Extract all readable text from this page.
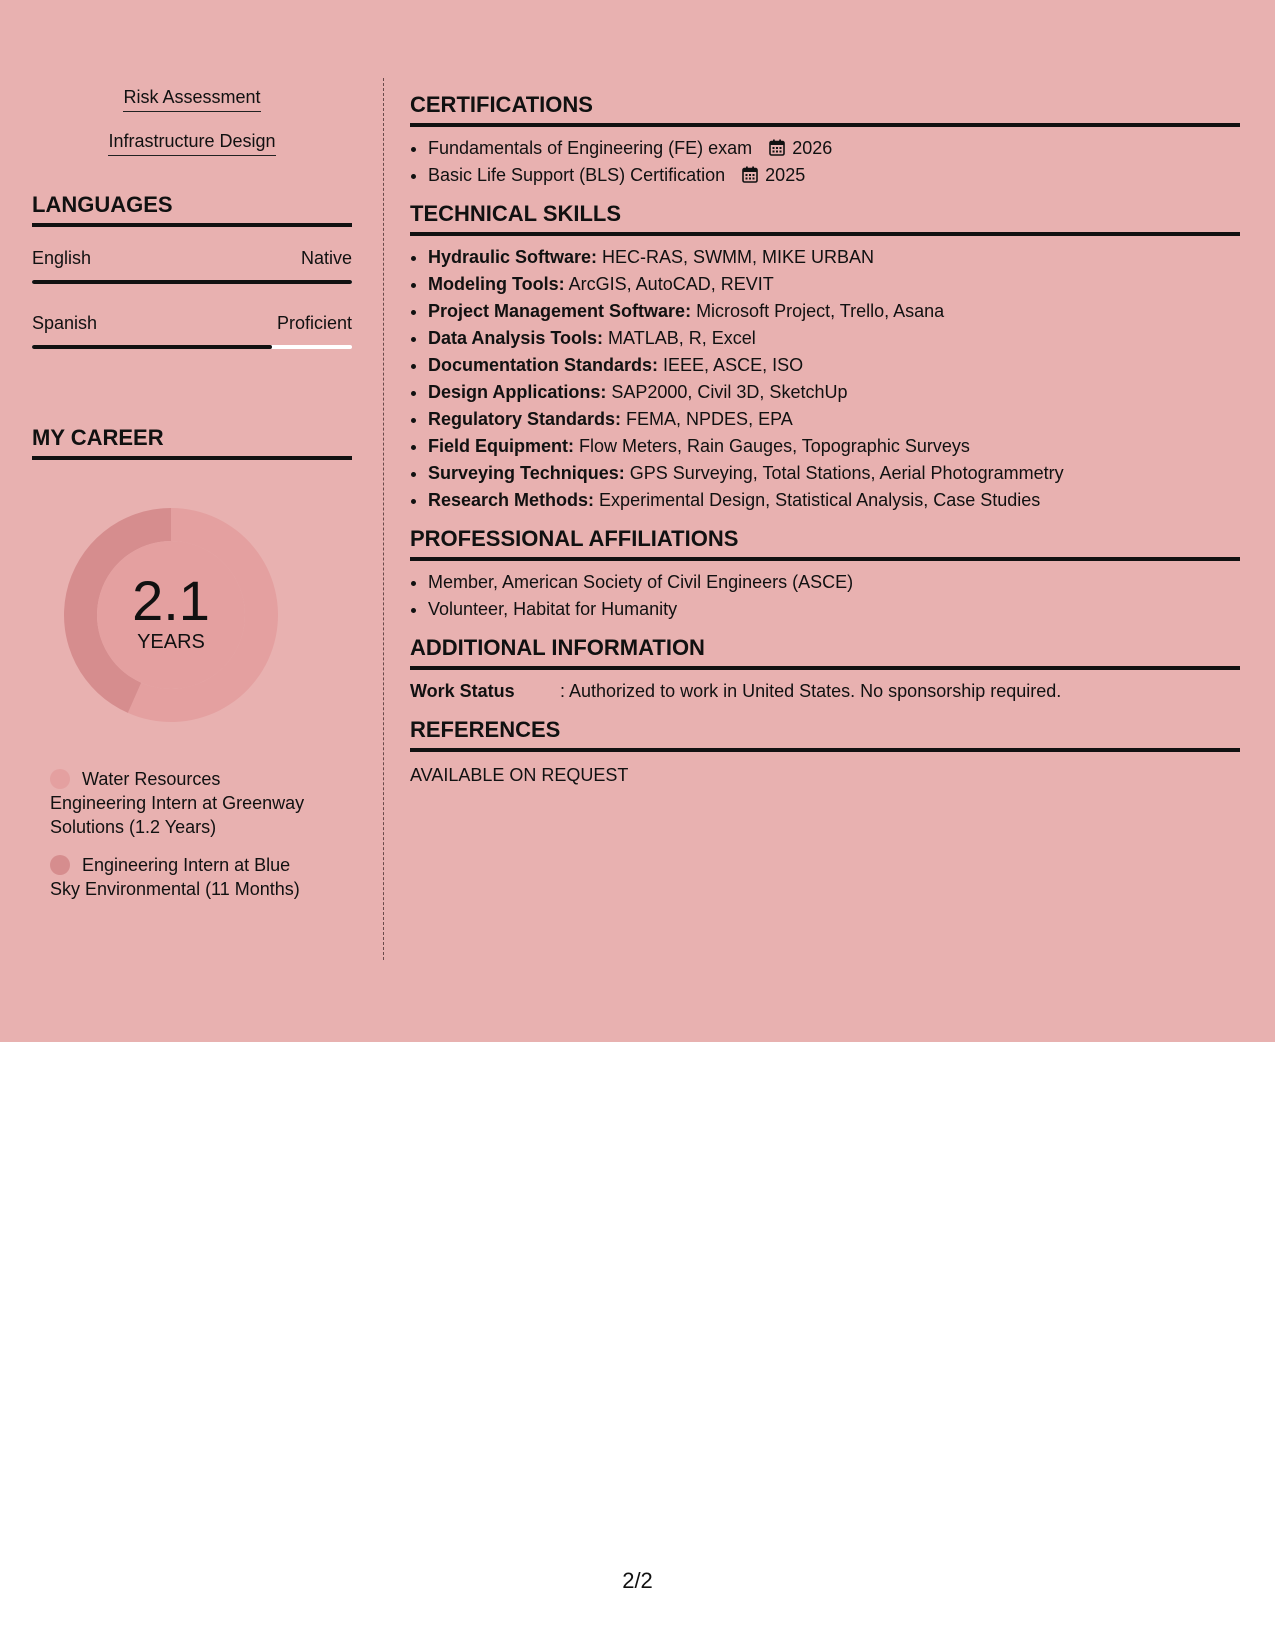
Risk Assessment
Infrastructure Design
LANGUAGES
English	Native
Spanish	Proficient
MY CAREER
2.1
YEARS
Water Resources Engineering Intern at Greenway Solutions (1.2 Years)
Engineering Intern at Blue Sky Environmental (11 Months)
CERTIFICATIONS
• Fundamentals of Engineering (FE) exam 2026
• Basic Life Support (BLS) Certification 2025
TECHNICAL SKILLS
• Hydraulic Software: HEC-RAS, SWMM, MIKE URBAN
• Modeling Tools: ArcGIS, AutoCAD, REVIT
• Project Management Software: Microsoft Project, Trello, Asana
• Data Analysis Tools: MATLAB, R, Excel
• Documentation Standards: IEEE, ASCE, ISO
• Design Applications: SAP2000, Civil 3D, SketchUp
• Regulatory Standards: FEMA, NPDES, EPA
• Field Equipment: Flow Meters, Rain Gauges, Topographic Surveys
• Surveying Techniques: GPS Surveying, Total Stations, Aerial Photogrammetry
• Research Methods: Experimental Design, Statistical Analysis, Case Studies
PROFESSIONAL AFFILIATIONS
• Member, American Society of Civil Engineers (ASCE)
• Volunteer, Habitat for Humanity
ADDITIONAL INFORMATION
Work Status	: Authorized to work in United States. No sponsorship required.
REFERENCES
AVAILABLE ON REQUEST
2/2
